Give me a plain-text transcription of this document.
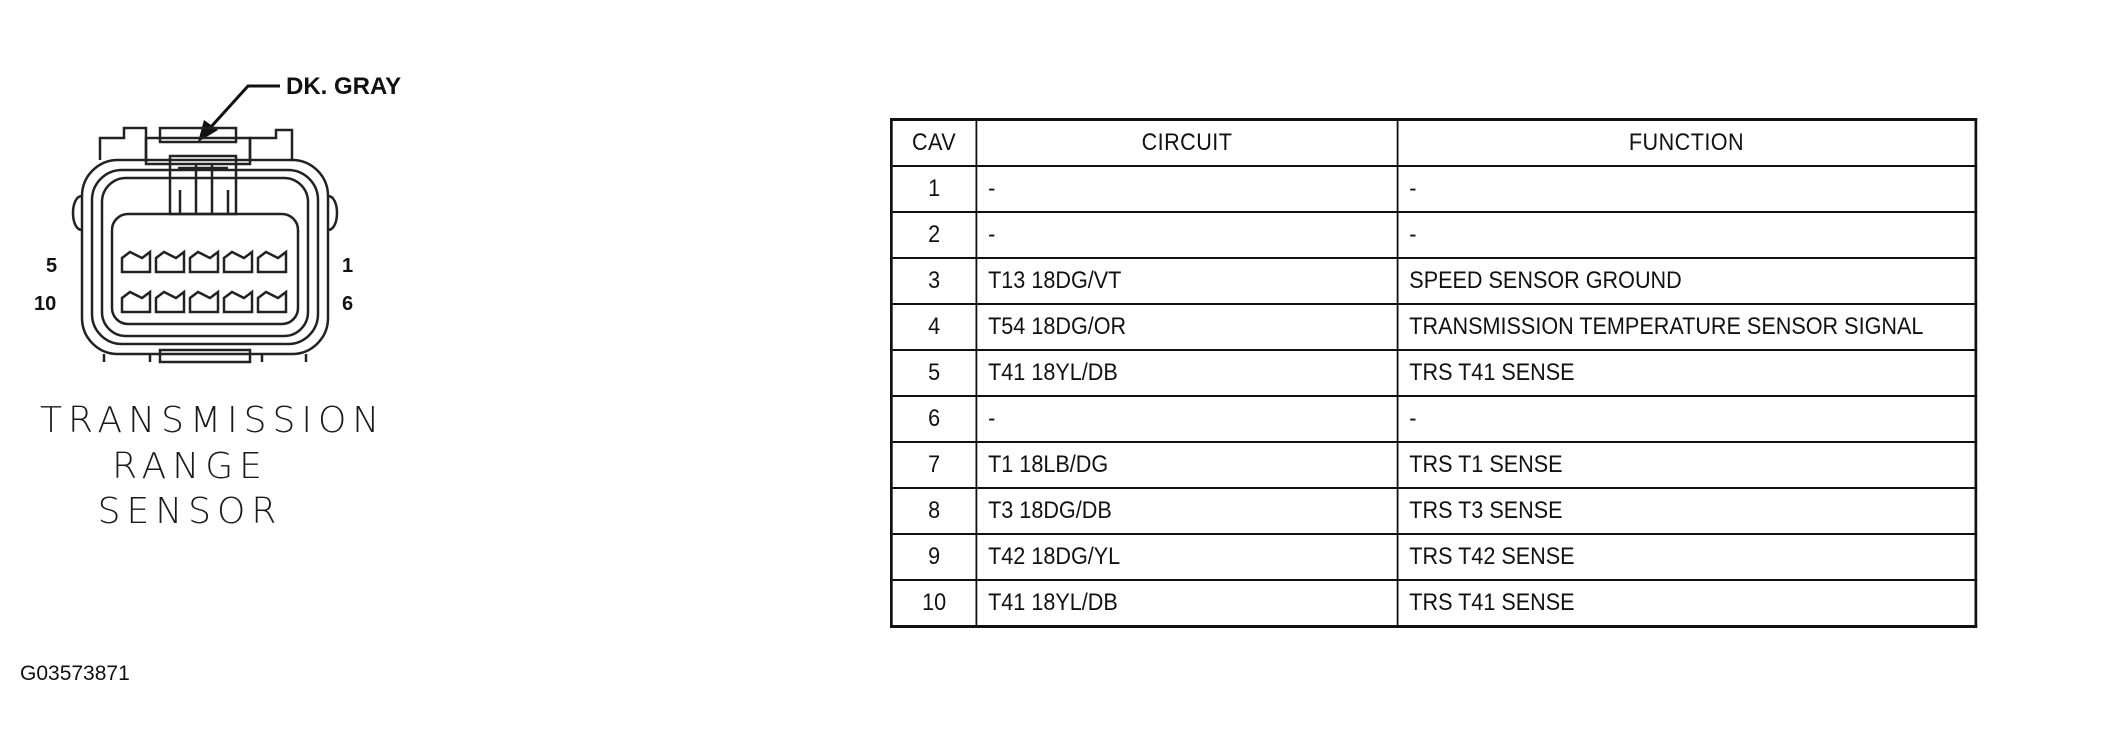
DK. GRAY
5
10
1
6
TRANSMISSION
RANGE
SENSOR
G03573871
CAV	CIRCUIT	FUNCTION
1	-	-
2	-	-
3	T13 18DG/VT	SPEED SENSOR GROUND
4	T54 18DG/OR	TRANSMISSION TEMPERATURE SENSOR SIGNAL
5	T41 18YL/DB	TRS T41 SENSE
6	-	-
7	T1 18LB/DG	TRS T1 SENSE
8	T3 18DG/DB	TRS T3 SENSE
9	T42 18DG/YL	TRS T42 SENSE
10	T41 18YL/DB	TRS T41 SENSE
